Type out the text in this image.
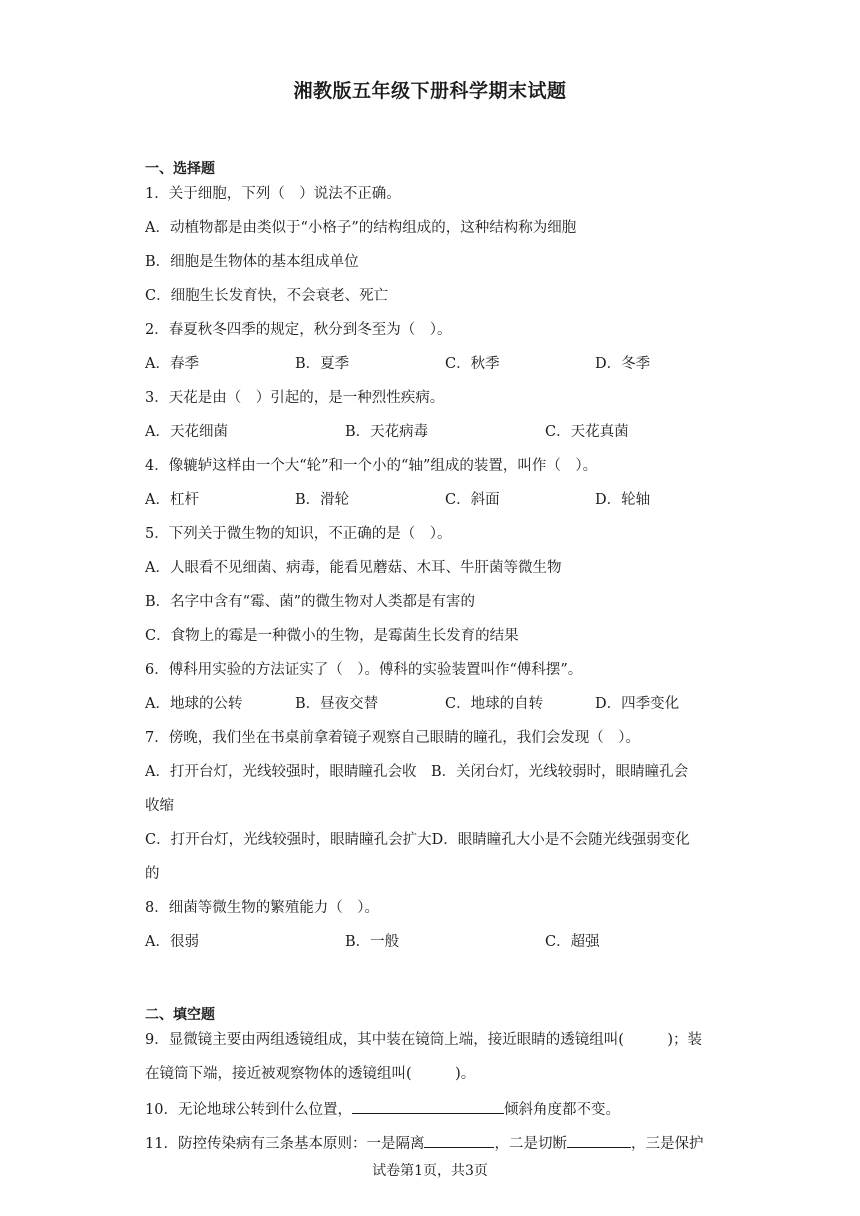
湘教版五年级下册科学期末试题
一、选择题
1．关于细胞，下列（　）说法不正确。
A．动植物都是由类似于“小格子”的结构组成的，这种结构称为细胞
B．细胞是生物体的基本组成单位
C．细胞生长发育快，不会衰老、死亡
2．春夏秋冬四季的规定，秋分到冬至为（　）。
A．春季	B．夏季	C．秋季	D．冬季
3．天花是由（　）引起的，是一种烈性疾病。
A．天花细菌	B．天花病毒	C．天花真菌
4．像辘轳这样由一个大“轮”和一个小的“轴”组成的装置，叫作（　）。
A．杠杆	B．滑轮	C．斜面	D．轮轴
5．下列关于微生物的知识，不正确的是（　）。
A．人眼看不见细菌、病毒，能看见蘑菇、木耳、牛肝菌等微生物
B．名字中含有“霉、菌”的微生物对人类都是有害的
C．食物上的霉是一种微小的生物，是霉菌生长发育的结果
6．傅科用实验的方法证实了（　）。傅科的实验装置叫作“傅科摆”。
A．地球的公转	B．昼夜交替	C．地球的自转	D．四季变化
7．傍晚，我们坐在书桌前拿着镜子观察自己眼睛的瞳孔，我们会发现（　）。
A．打开台灯，光线较强时，眼睛瞳孔会收　B．关闭台灯，光线较弱时，眼睛瞳孔会
收缩
C．打开台灯，光线较强时，眼睛瞳孔会扩大D．眼睛瞳孔大小是不会随光线强弱变化
的
8．细菌等微生物的繁殖能力（　）。
A．很弱	B．一般	C．超强
二、填空题
9．显微镜主要由两组透镜组成，其中装在镜筒上端，接近眼睛的透镜组叫(　　　)；装
在镜筒下端，接近被观察物体的透镜组叫(　　　)。
10．无论地球公转到什么位置，	倾斜角度都不变。
11．防控传染病有三条基本原则：一是隔离	，二是切断	，三是保护
试卷第1页，共3页
